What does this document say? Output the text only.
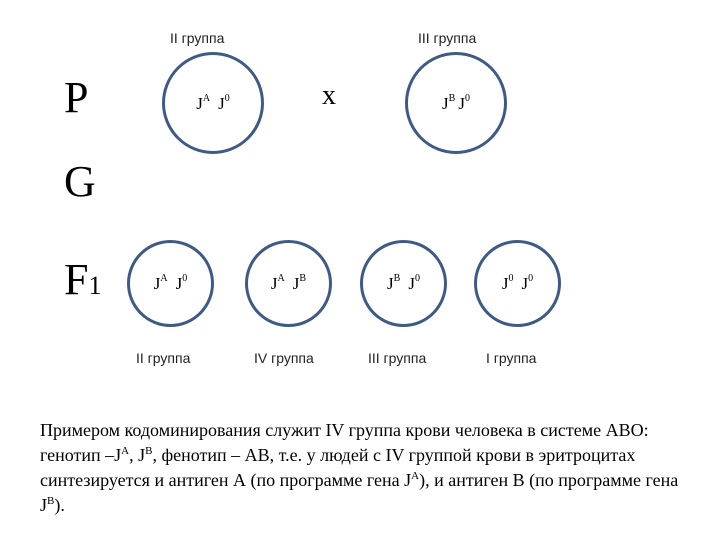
P
G
F1
II группа	III группа
$J^A$ $J^0$	x	$J^B$ $J^0$
$J^A$ $J^0$	$J^A$ $J^B$	$J^B$ $J^0$	$J^0$ $J^0$
II группа	IV группа	III группа	I группа
Примером кодоминирования служит IV группа крови человека в системе АВО: генотип $-J^A$, $J^B$, фенотип – АВ, т.е. у людей с IV группой крови в эритроцитах синтезируется и антиген А (по программе гена $J^A$), и антиген В (по программе гена $J^B$).
